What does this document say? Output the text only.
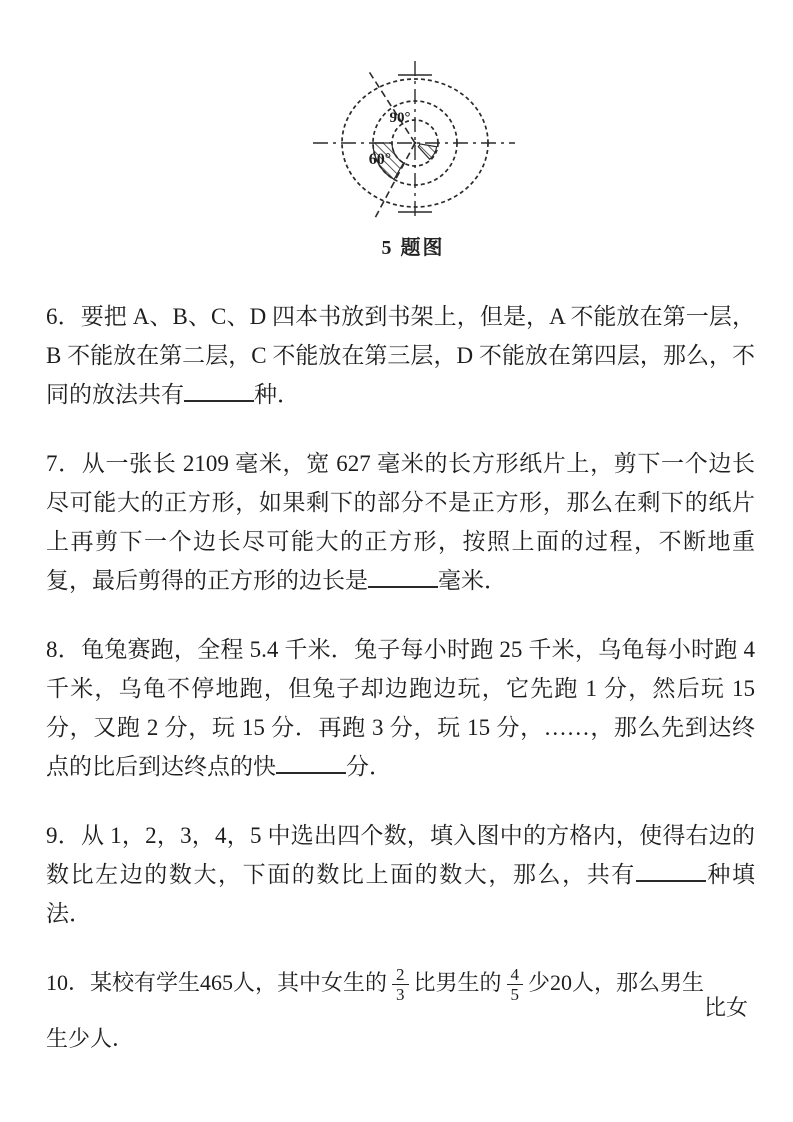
90°
60°
5 题图

6．要把 A、B、C、D 四本书放到书架上，但是，A 不能放在第一层，B 不能放在第二层，C 不能放在第三层，D 不能放在第四层，那么，不同的放法共有	种．

7．从一张长 2109 毫米，宽 627 毫米的长方形纸片上，剪下一个边长尽可能大的正方形，如果剩下的部分不是正方形，那么在剩下的纸片上再剪下一个边长尽可能大的正方形，按照上面的过程，不断地重复，最后剪得的正方形的边长是	毫米．

8．龟兔赛跑，全程 5.4 千米．兔子每小时跑 25 千米，乌龟每小时跑 4 千米，乌龟不停地跑，但兔子却边跑边玩，它先跑 1 分，然后玩 15 分，又跑 2 分，玩 15 分．再跑 3 分，玩 15 分，……，那么先到达终点的比后到达终点的快	分．

9．从 1，2，3，4，5 中选出四个数，填入图中的方格内，使得右边的数比左边的数大，下面的数比上面的数大，那么，共有	种填法．

10．某校有学生465人，其中女生的 $\frac{2}{3}$ 比男生的 $\frac{4}{5}$ 少20人，那么男生比女
生少人．
